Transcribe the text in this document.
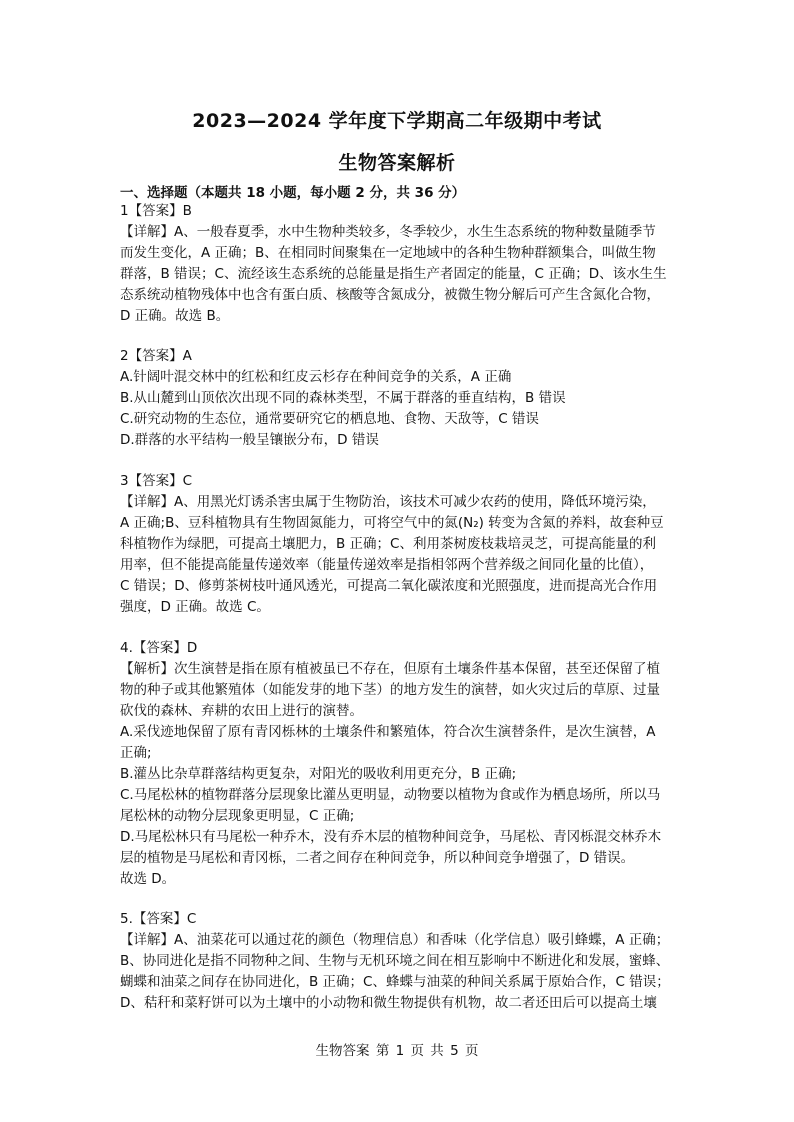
2023—2024 学年度下学期高二年级期中考试
生物答案解析
一、选择题（本题共 18 小题，每小题 2 分，共 36 分）

1【答案】B

【详解】A、一般春夏季，水中生物种类较多，冬季较少，水生生态系统的物种数量随季节

而发生变化，A 正确；B、在相同时间聚集在一定地域中的各种生物种群额集合，叫做生物

群落，B 错误；C、流经该生态系统的总能量是指生产者固定的能量，C 正确；D、该水生生

态系统动植物残体中也含有蛋白质、核酸等含氮成分，被微生物分解后可产生含氮化合物，

D 正确。故选 B。

2【答案】A

A.针阔叶混交林中的红松和红皮云杉存在种间竞争的关系，A 正确

B.从山麓到山顶依次出现不同的森林类型，不属于群落的垂直结构，B 错误

C.研究动物的生态位，通常要研究它的栖息地、食物、天敌等，C 错误

D.群落的水平结构一般呈镶嵌分布，D 错误

3【答案】C

【详解】A、用黑光灯诱杀害虫属于生物防治，该技术可减少农药的使用，降低环境污染，

A 正确;B、豆科植物具有生物固氮能力，可将空气中的氮(N₂) 转变为含氮的养料，故套种豆

科植物作为绿肥，可提高土壤肥力，B 正确；C、利用茶树废枝栽培灵芝，可提高能量的利

用率，但不能提高能量传递效率（能量传递效率是指相邻两个营养级之间同化量的比值），

C 错误；D、修剪茶树枝叶通风透光，可提高二氧化碳浓度和光照强度，进而提高光合作用

强度，D 正确。故选 C。

4.【答案】D

【解析】次生演替是指在原有植被虽已不存在，但原有土壤条件基本保留，甚至还保留了植

物的种子或其他繁殖体（如能发芽的地下茎）的地方发生的演替，如火灾过后的草原、过量

砍伐的森林、弃耕的农田上进行的演替。

A.采伐迹地保留了原有青冈栎林的土壤条件和繁殖体，符合次生演替条件，是次生演替，A

正确;

B.灌丛比杂草群落结构更复杂，对阳光的吸收利用更充分，B 正确;

C.马尾松林的植物群落分层现象比灌丛更明显，动物要以植物为食或作为栖息场所，所以马

尾松林的动物分层现象更明显，C 正确;

D.马尾松林只有马尾松一种乔木，没有乔木层的植物种间竞争，马尾松、青冈栎混交林乔木

层的植物是马尾松和青冈栎，二者之间存在种间竞争，所以种间竞争增强了，D 错误。

故选 D。

5.【答案】C

【详解】A、油菜花可以通过花的颜色（物理信息）和香味（化学信息）吸引蜂蝶，A 正确；

B、协同进化是指不同物种之间、生物与无机环境之间在相互影响中不断进化和发展，蜜蜂、

蝴蝶和油菜之间存在协同进化，B 正确；C、蜂蝶与油菜的种间关系属于原始合作，C 错误；

D、秸秆和菜籽饼可以为土壤中的小动物和微生物提供有机物，故二者还田后可以提高土壤

生物答案 第 1 页 共 5 页
